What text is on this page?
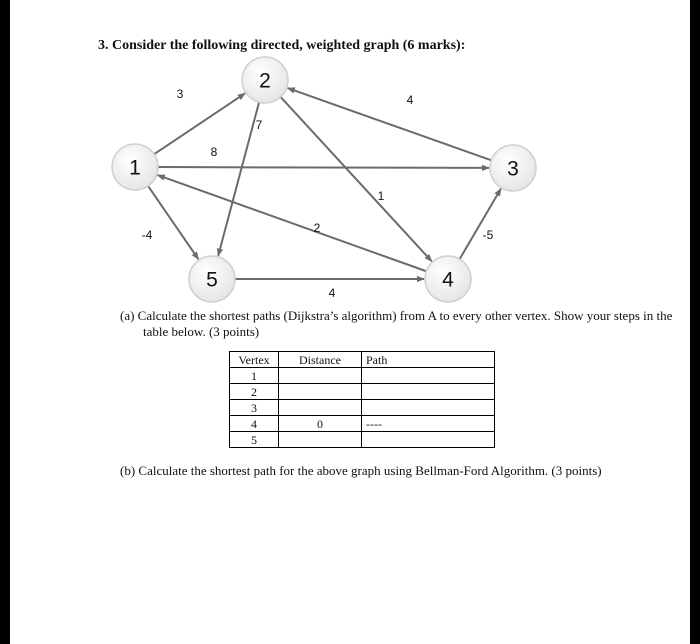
3. Consider the following directed, weighted graph (6 marks):
3
8
-4
7
1
4
2	-5
4
1
2
3
4
5
(a) Calculate the shortest paths (Dijkstra’s algorithm) from A to every other vertex. Show your steps in the table below. (3 points)
Vertex	Distance	Path
1		
2		
3		
4	0	----
5		
(b) Calculate the shortest path for the above graph using Bellman-Ford Algorithm. (3 points)
